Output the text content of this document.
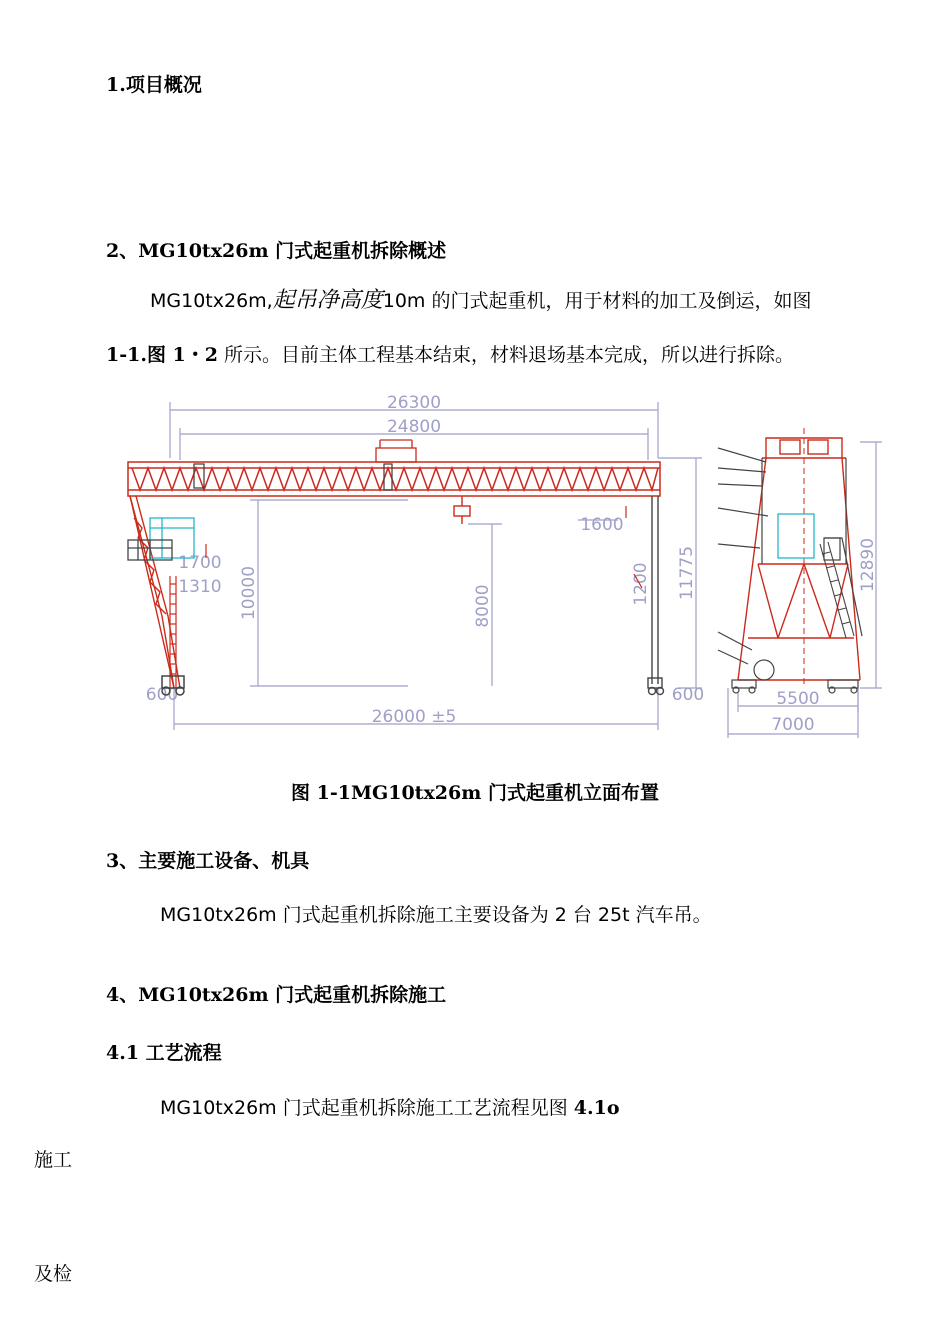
1.项目概况
2、MG10tx26m 门式起重机拆除概述
MG10tx26m,起吊净高度10m 的门式起重机，用于材料的加工及倒运，如图
1-1.图 1・2 所示。目前主体工程基本结束，材料退场基本完成，所以进行拆除。
26300
24800
1600
1700
1310 10000	8000
11775	12890
26000 ±5
600	600
1200
5500
7000
图 1-1MG10tx26m 门式起重机立面布置
3、主要施工设备、机具
MG10tx26m 门式起重机拆除施工主要设备为 2 台 25t 汽车吊。
4、MG10tx26m 门式起重机拆除施工
4.1 工艺流程
MG10tx26m 门式起重机拆除施工工艺流程见图 4.1o
施工
及检
